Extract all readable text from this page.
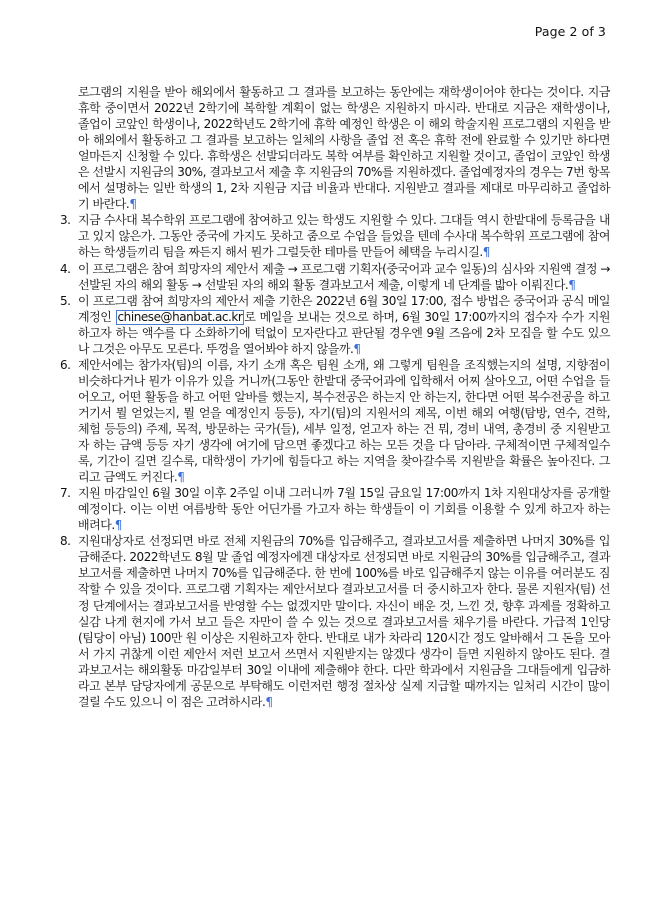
Page 2 of 3

로그램의 지원을 받아 해외에서 활동하고 그 결과를 보고하는 동안에는 재학생이어야 한다는 것이다. 지금 휴학 중이면서 2022년 2학기에 복학할 계획이 없는 학생은 지원하지 마시라. 반대로 지금은 재학생이나, 졸업이 코앞인 학생이나, 2022학년도 2학기에 휴학 예정인 학생은 이 해외 학술지원 프로그램의 지원을 받아 해외에서 활동하고 그 결과를 보고하는 일체의 사항을 졸업 전 혹은 휴학 전에 완료할 수 있기만 하다면 얼마든지 신청할 수 있다. 휴학생은 선발되더라도 복학 여부를 확인하고 지원할 것이고, 졸업이 코앞인 학생은 선발시 지원금의 30%, 결과보고서 제출 후 지원금의 70%를 지원하겠다. 졸업예정자의 경우는 7번 항목에서 설명하는 일반 학생의 1, 2차 지원금 지급 비율과 반대다. 지원받고 결과를 제대로 마무리하고 졸업하기 바란다.¶

3. 지금 수사대 복수학위 프로그램에 참여하고 있는 학생도 지원할 수 있다. 그대들 역시 한밭대에 등록금을 내고 있지 않은가. 그동안 중국에 가지도 못하고 줌으로 수업을 들었을 텐데 수사대 복수학위 프로그램에 참여하는 학생들끼리 팀을 짜든지 해서 뭔가 그럴듯한 테마를 만들어 혜택을 누리시길.¶
4. 이 프로그램은 참여 희망자의 제안서 제출 → 프로그램 기획자(중국어과 교수 일동)의 심사와 지원액 결정 → 선발된 자의 해외 활동 → 선발된 자의 해외 활동 결과보고서 제출, 이렇게 네 단계를 밟아 이뤄진다.¶
5. 이 프로그램 참여 희망자의 제안서 제출 기한은 2022년 6월 30일 17:00, 접수 방법은 중국어과 공식 메일 계정인 chinese@hanbat.ac.kr 로 메일을 보내는 것으로 하며, 6월 30일 17:00까지의 접수자 수가 지원하고자 하는 액수를 다 소화하기에 턱없이 모자란다고 판단될 경우엔 9월 즈음에 2차 모집을 할 수도 있으나 그것은 아무도 모른다. 뚜껑을 열어봐야 하지 않을까.¶
6. 제안서에는 참가자(팀)의 이름, 자기 소개 혹은 팀원 소개, 왜 그렇게 팀원을 조직했는지의 설명, 지향점이 비슷하다거나 뭔가 이유가 있을 거니까(그동안 한밭대 중국어과에 입학해서 어찌 살아오고, 어떤 수업을 들어오고, 어떤 활동을 하고 어떤 알바를 했는지, 복수전공은 하는지 안 하는지, 한다면 어떤 복수전공을 하고 거기서 뭘 얻었는지, 뭘 얻을 예정인지 등등), 자기(팀)의 지원서의 제목, 이번 해외 여행(탐방, 연수, 견학, 체험 등등의) 주제, 목적, 방문하는 국가(들), 세부 일정, 얻고자 하는 건 뭐, 경비 내역, 총경비 중 지원받고자 하는 금액 등등 자기 생각에 여기에 담으면 좋겠다고 하는 모든 것을 다 담아라. 구체적이면 구체적일수록, 기간이 길면 길수록, 대학생이 가기에 힘들다고 하는 지역을 찾아갈수록 지원받을 확률은 높아진다. 그리고 금액도 커진다.¶
7. 지원 마감일인 6월 30일 이후 2주일 이내 그러니까 7월 15일 금요일 17:00까지 1차 지원대상자를 공개할 예정이다. 이는 이번 여름방학 동안 어딘가를 가고자 하는 학생들이 이 기회를 이용할 수 있게 하고자 하는 배려다.¶
8. 지원대상자로 선정되면 바로 전체 지원금의 70%를 입금해주고, 결과보고서를 제출하면 나머지 30%를 입금해준다. 2022학년도 8월 말 졸업 예정자에겐 대상자로 선정되면 바로 지원금의 30%를 입금해주고, 결과보고서를 제출하면 나머지 70%를 입금해준다. 한 번에 100%를 바로 입금해주지 않는 이유를 여러분도 짐작할 수 있을 것이다. 프로그램 기획자는 제안서보다 결과보고서를 더 중시하고자 한다. 물론 지원자(팀) 선정 단계에서는 결과보고서를 반영할 수는 없겠지만 말이다. 자신이 배운 것, 느낀 것, 향후 과제를 정확하고 실감 나게 현지에 가서 보고 들은 자만이 쓸 수 있는 것으로 결과보고서를 채우기를 바란다. 가급적 1인당(팀당이 아님) 100만 원 이상은 지원하고자 한다. 반대로 내가 차라리 120시간 정도 알바해서 그 돈을 모아서 가지 귀찮게 이런 제안서 저런 보고서 쓰면서 지원받지는 않겠다 생각이 들면 지원하지 않아도 된다. 결과보고서는 해외활동 마감일부터 30일 이내에 제출해야 한다. 다만 학과에서 지원금을 그대들에게 입금하라고 본부 담당자에게 공문으로 부탁해도 이런저런 행정 절차상 실제 지급할 때까지는 일처리 시간이 많이 걸릴 수도 있으니 이 점은 고려하시라.¶
